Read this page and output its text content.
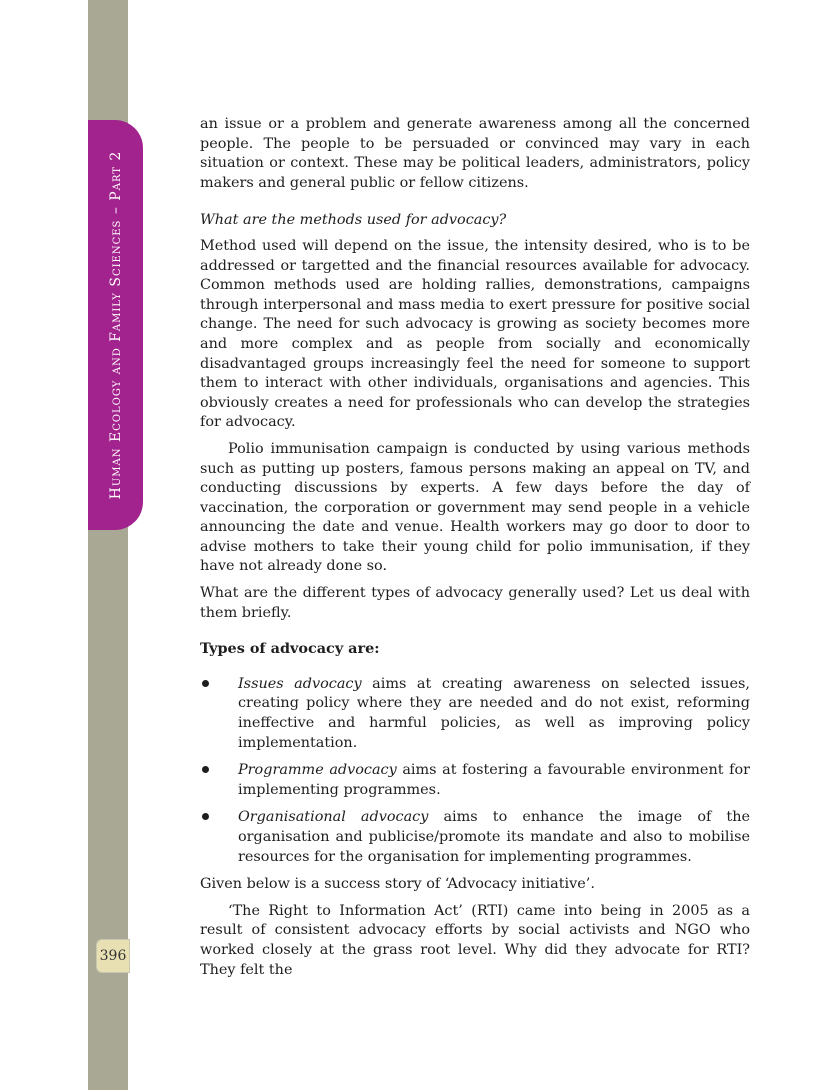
Human Ecology and Family Sciences – Part 2
396

an issue or a problem and generate awareness among all the concerned people. The people to be persuaded or convinced may vary in each situation or context. These may be political leaders, administrators, policy makers and general public or fellow citizens.

What are the methods used for advocacy?

Method used will depend on the issue, the intensity desired, who is to be addressed or targetted and the financial resources available for advocacy. Common methods used are holding rallies, demonstrations, campaigns through interpersonal and mass media to exert pressure for positive social change. The need for such advocacy is growing as society becomes more and more complex and as people from socially and economically disadvantaged groups increasingly feel the need for someone to support them to interact with other individuals, organisations and agencies. This obviously creates a need for professionals who can develop the strategies for advocacy.

Polio immunisation campaign is conducted by using various methods such as putting up posters, famous persons making an appeal on TV, and conducting discussions by experts. A few days before the day of vaccination, the corporation or government may send people in a vehicle announcing the date and venue. Health workers may go door to door to advise mothers to take their young child for polio immunisation, if they have not already done so.

What are the different types of advocacy generally used? Let us deal with them briefly.

Types of advocacy are:

Issues advocacy aims at creating awareness on selected issues, creating policy where they are needed and do not exist, reforming ineffective and harmful policies, as well as improving policy implementation.
Programme advocacy aims at fostering a favourable environment for implementing programmes.
Organisational advocacy aims to enhance the image of the organisation and publicise/promote its mandate and also to mobilise resources for the organisation for implementing programmes.

Given below is a success story of ‘Advocacy initiative’.

‘The Right to Information Act’ (RTI) came into being in 2005 as a result of consistent advocacy efforts by social activists and NGO who worked closely at the grass root level. Why did they advocate for RTI? They felt the
